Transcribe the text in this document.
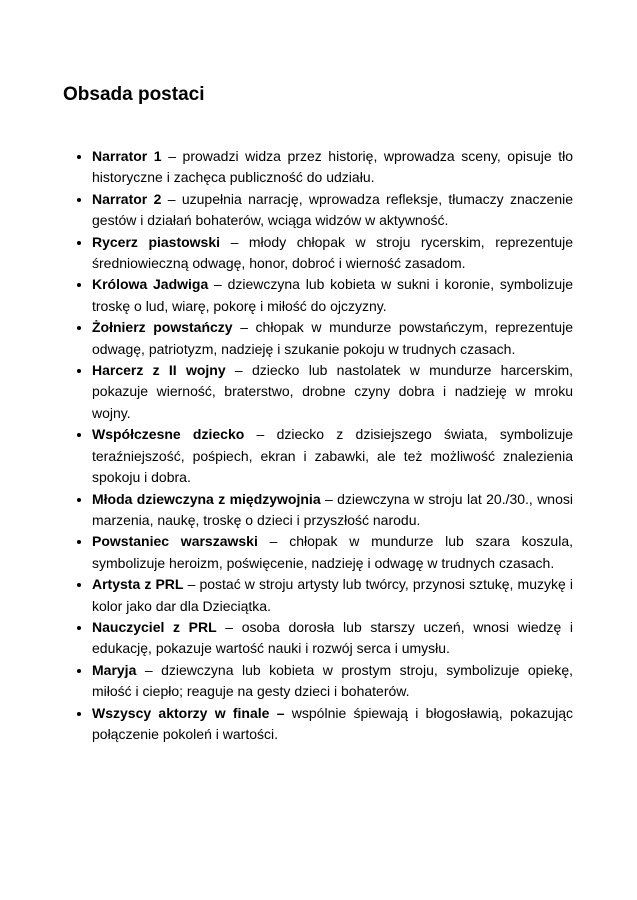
Obsada postaci
• Narrator 1 – prowadzi widza przez historię, wprowadza sceny, opisuje tło historyczne i zachęca publiczność do udziału.
• Narrator 2 – uzupełnia narrację, wprowadza refleksje, tłumaczy znaczenie gestów i działań bohaterów, wciąga widzów w aktywność.
• Rycerz piastowski – młody chłopak w stroju rycerskim, reprezentuje średniowieczną odwagę, honor, dobroć i wierność zasadom.
• Królowa Jadwiga – dziewczyna lub kobieta w sukni i koronie, symbolizuje troskę o lud, wiarę, pokorę i miłość do ojczyzny.
• Żołnierz powstańczy – chłopak w mundurze powstańczym, reprezentuje odwagę, patriotyzm, nadzieję i szukanie pokoju w trudnych czasach.
• Harcerz z II wojny – dziecko lub nastolatek w mundurze harcerskim, pokazuje wierność, braterstwo, drobne czyny dobra i nadzieję w mroku wojny.
• Współczesne dziecko – dziecko z dzisiejszego świata, symbolizuje teraźniejszość, pośpiech, ekran i zabawki, ale też możliwość znalezienia spokoju i dobra.
• Młoda dziewczyna z międzywojnia – dziewczyna w stroju lat 20./30., wnosi marzenia, naukę, troskę o dzieci i przyszłość narodu.
• Powstaniec warszawski – chłopak w mundurze lub szara koszula, symbolizuje heroizm, poświęcenie, nadzieję i odwagę w trudnych czasach.
• Artysta z PRL – postać w stroju artysty lub twórcy, przynosi sztukę, muzykę i kolor jako dar dla Dzieciątka.
• Nauczyciel z PRL – osoba dorosła lub starszy uczeń, wnosi wiedzę i edukację, pokazuje wartość nauki i rozwój serca i umysłu.
• Maryja – dziewczyna lub kobieta w prostym stroju, symbolizuje opiekę, miłość i ciepło; reaguje na gesty dzieci i bohaterów.
• Wszyscy aktorzy w finale – wspólnie śpiewają i błogosławią, pokazując połączenie pokoleń i wartości.
